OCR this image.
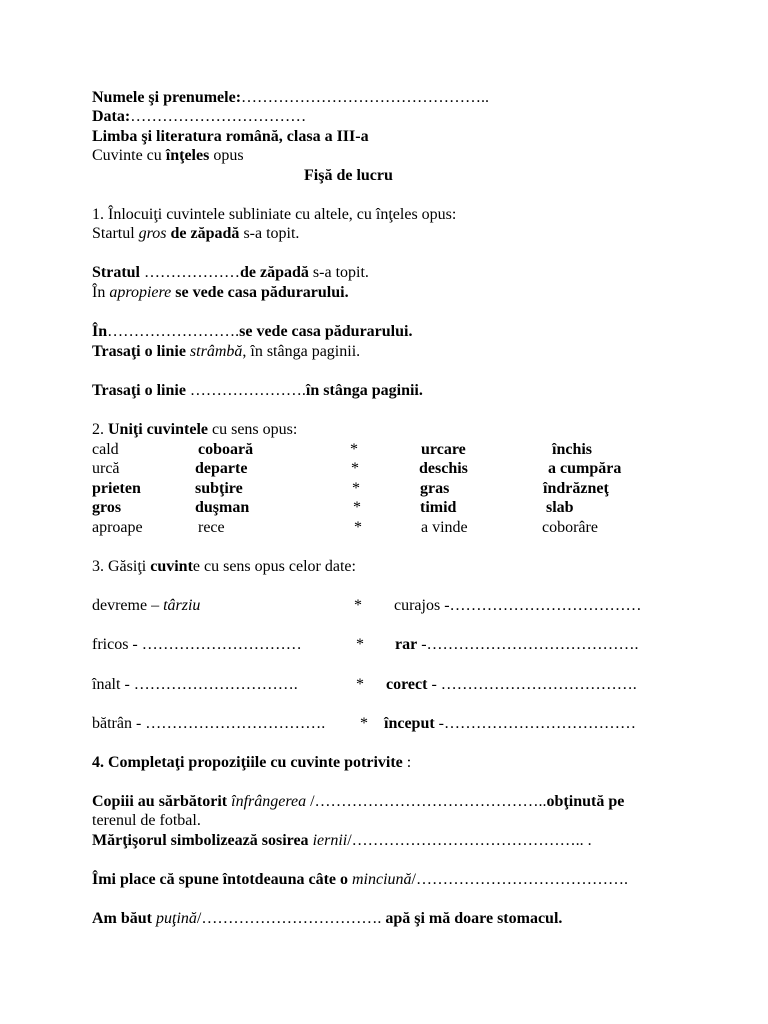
Numele şi prenumele:………………………………………..
Data:……………………………
Limba şi literatura română, clasa a III-a
Cuvinte cu înţeles opus
Fişă de lucru
1. Înlocuiţi cuvintele subliniate cu altele, cu înţeles opus:
Startul gros de zăpadă s-a topit.
Stratul ………………de zăpadă s-a topit.
În apropiere se vede casa pădurarului.
În…………………….se vede casa pădurarului.
Trasaţi o linie strâmbă, în stânga paginii.
Trasaţi o linie ………………….în stânga paginii.
2. Uniţi cuvintele cu sens opus:
cald	coboară	*	urcare	închis
urcă	departe	*	deschis	a cumpăra
prieten	subţire	*	gras	îndrăzneţ
gros	duşman	*	timid	slab
aproape	rece	*	a vinde	coborâre
3. Găsiţi cuvinte cu sens opus celor date:
devreme – târziu	* curajos -………………………………
fricos - …………………………	* rar -………………………………….
înalt - ………………………….	* corect - ……………………………….
bătrân - ……………………………. * început -………………………………
4. Completaţi propoziţiile cu cuvinte potrivite :
Copiii au sărbătorit înfrângerea /……………………………………..obţinută pe
terenul de fotbal.
Mărţişorul simbolizează sosirea iernii/…………………………………….. .
Îmi place că spune întotdeauna câte o minciună/………………………………….
Am băut puţină/……………………………. apă şi mă doare stomacul.
